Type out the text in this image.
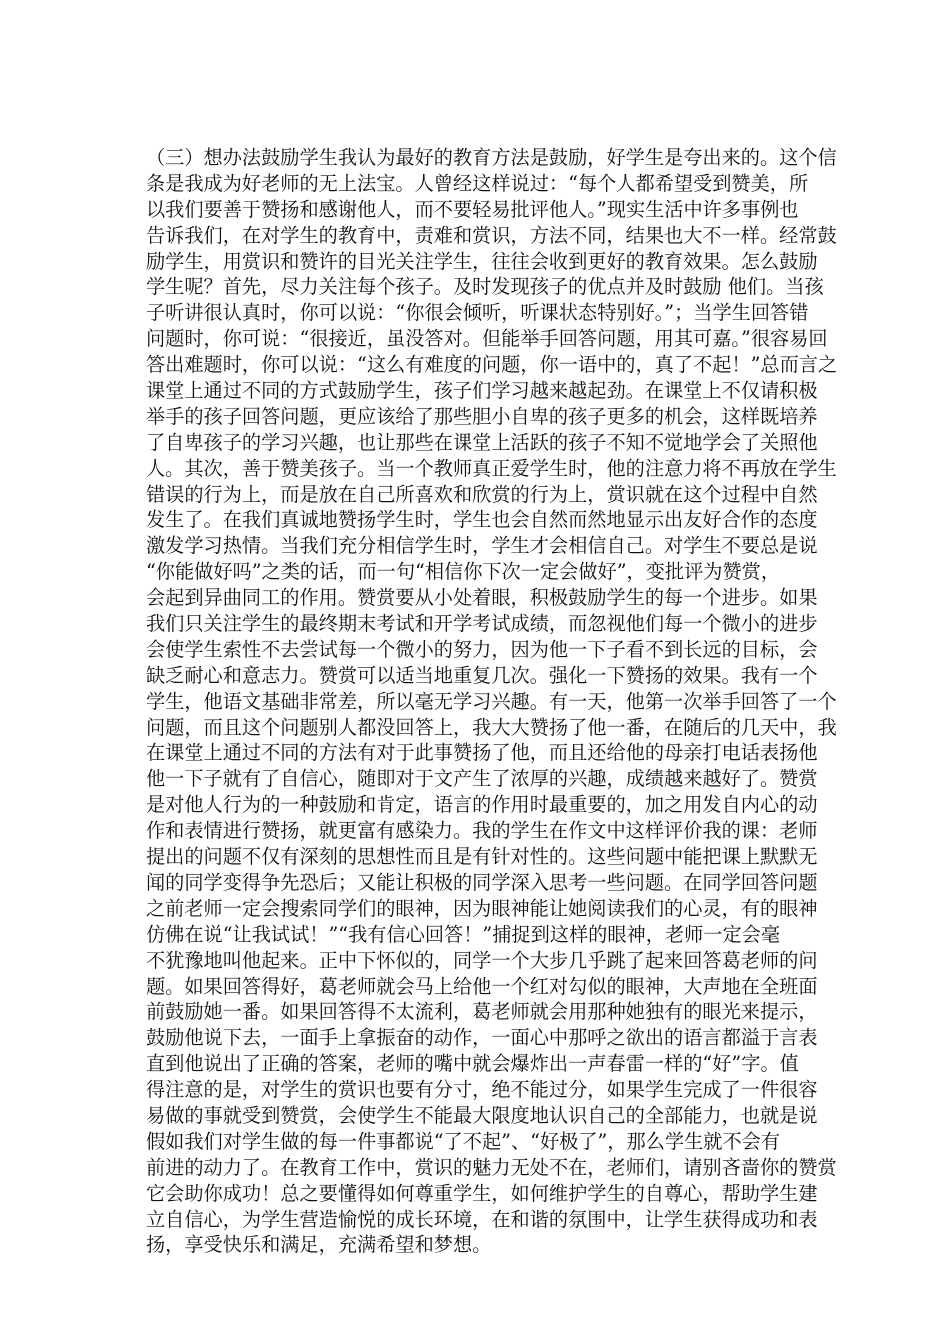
（三）想办法鼓励学生我认为最好的教育方法是鼓励，好学生是夸出来的。这个信
条是我成为好老师的无上法宝。人曾经这样说过：“每个人都希望受到赞美，所
以我们要善于赞扬和感谢他人，而不要轻易批评他人。”现实生活中许多事例也
告诉我们，在对学生的教育中，责难和赏识，方法不同，结果也大不一样。经常鼓
励学生，用赏识和赞许的目光关注学生，往往会收到更好的教育效果。怎么鼓励
学生呢？首先，尽力关注每个孩子。及时发现孩子的优点并及时鼓励 他们。当孩
子听讲很认真时，你可以说：“你很会倾听，听课状态特别好。”；当学生回答错
问题时，你可说：“很接近，虽没答对。但能举手回答问题，用其可嘉。”很容易回
答出难题时，你可以说：“这么有难度的问题，你一语中的，真了不起！”总而言之
课堂上通过不同的方式鼓励学生，孩子们学习越来越起劲。在课堂上不仅请积极
举手的孩子回答问题，更应该给了那些胆小自卑的孩子更多的机会，这样既培养
了自卑孩子的学习兴趣，也让那些在课堂上活跃的孩子不知不觉地学会了关照他
人。其次，善于赞美孩子。当一个教师真正爱学生时，他的注意力将不再放在学生
错误的行为上，而是放在自己所喜欢和欣赏的行为上，赏识就在这个过程中自然
发生了。在我们真诚地赞扬学生时，学生也会自然而然地显示出友好合作的态度
激发学习热情。当我们充分相信学生时，学生才会相信自己。对学生不要总是说
“你能做好吗”之类的话，而一句“相信你下次一定会做好”，变批评为赞赏，
会起到异曲同工的作用。赞赏要从小处着眼，积极鼓励学生的每一个进步。如果
我们只关注学生的最终期末考试和开学考试成绩，而忽视他们每一个微小的进步
会使学生索性不去尝试每一个微小的努力，因为他一下子看不到长远的目标，会
缺乏耐心和意志力。赞赏可以适当地重复几次。强化一下赞扬的效果。我有一个
学生，他语文基础非常差，所以毫无学习兴趣。有一天，他第一次举手回答了一个
问题，而且这个问题别人都没回答上，我大大赞扬了他一番，在随后的几天中，我
在课堂上通过不同的方法有对于此事赞扬了他，而且还给他的母亲打电话表扬他
他一下子就有了自信心，随即对于文产生了浓厚的兴趣，成绩越来越好了。赞赏
是对他人行为的一种鼓励和肯定，语言的作用时最重要的，加之用发自内心的动
作和表情进行赞扬，就更富有感染力。我的学生在作文中这样评价我的课：老师
提出的问题不仅有深刻的思想性而且是有针对性的。这些问题中能把课上默默无
闻的同学变得争先恐后；又能让积极的同学深入思考一些问题。在同学回答问题
之前老师一定会搜索同学们的眼神，因为眼神能让她阅读我们的心灵，有的眼神
仿佛在说“让我试试！”“我有信心回答！”捕捉到这样的眼神，老师一定会毫
不犹豫地叫他起来。正中下怀似的，同学一个大步几乎跳了起来回答葛老师的问
题。如果回答得好，葛老师就会马上给他一个红对勾似的眼神，大声地在全班面
前鼓励她一番。如果回答得不太流利，葛老师就会用那种她独有的眼光来提示，
鼓励他说下去，一面手上拿振奋的动作，一面心中那呼之欲出的语言都溢于言表
直到他说出了正确的答案，老师的嘴中就会爆炸出一声春雷一样的“好”字。值
得注意的是，对学生的赏识也要有分寸，绝不能过分，如果学生完成了一件很容
易做的事就受到赞赏，会使学生不能最大限度地认识自己的全部能力，也就是说
假如我们对学生做的每一件事都说“了不起”、“好极了”，那么学生就不会有
前进的动力了。在教育工作中，赏识的魅力无处不在，老师们，请别吝啬你的赞赏
它会助你成功！总之要懂得如何尊重学生，如何维护学生的自尊心，帮助学生建
立自信心，为学生营造愉悦的成长环境，在和谐的氛围中，让学生获得成功和表
扬，享受快乐和满足，充满希望和梦想。
